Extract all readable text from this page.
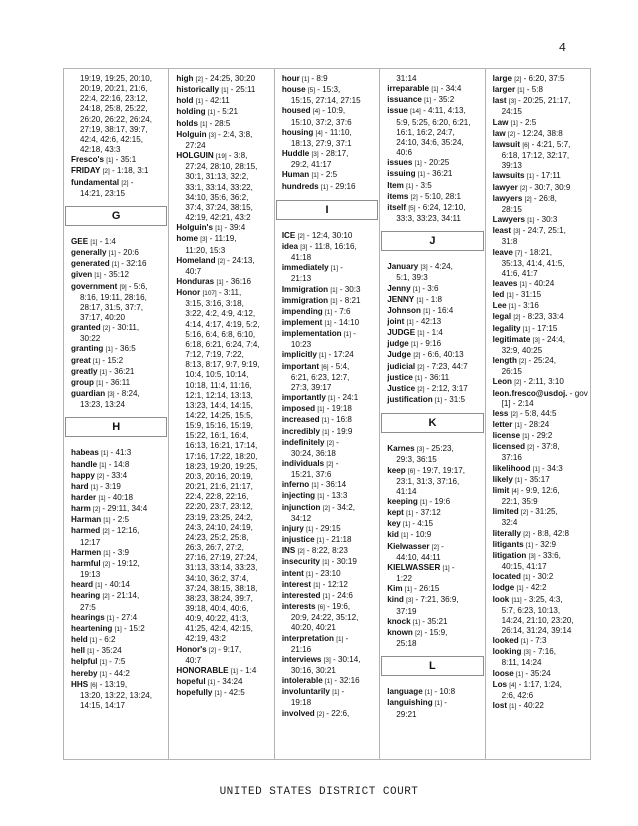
4
19:19, 19:25, 20:10,
20:19, 20:21, 21:6,
22:4, 22:16, 23:12,
24:18, 25:8, 25:22,
26:20, 26:22, 26:24,
27:19, 38:17, 39:7,
42:4, 42:6, 42:15,
42:18, 43:3
Fresco's [1] - 35:1
FRIDAY [2] - 1:18, 3:1
fundamental [2] -
14:21, 23:15
G
GEE [1] - 1:4
generally [1] - 20:6
generated [1] - 32:16
given [1] - 35:12
government [9] - 5:6,
8:16, 19:11, 28:16,
28:17, 31:5, 37:7,
37:17, 40:20
granted [2] - 30:11,
30:22
granting [1] - 36:5
great [1] - 15:2
greatly [1] - 36:21
group [1] - 36:11
guardian [3] - 8:24,
13:23, 13:24
H
habeas [1] - 41:3
handle [1] - 14:8
happy [2] - 33:4
hard [1] - 3:19
harder [1] - 40:18
harm [2] - 29:11, 34:4
Harman [1] - 2:5
harmed [2] - 12:16,
12:17
Harmen [1] - 3:9
harmful [2] - 19:12,
19:13
heard [1] - 40:14
hearing [2] - 21:14,
27:5
hearings [1] - 27:4
heartening [1] - 15:2
held [1] - 6:2
hell [1] - 35:24
helpful [1] - 7:5
hereby [1] - 44:2
HHS [6] - 13:19,
13:20, 13:22, 13:24,
14:15, 14:17
high [2] - 24:25, 30:20
historically [1] - 25:11
hold [1] - 42:11
holding [1] - 5:21
holds [1] - 28:5
Holguin [3] - 2:4, 3:8,
27:24
HOLGUIN [19] - 3:8,
27:24, 28:10, 28:15,
30:1, 31:13, 32:2,
33:1, 33:14, 33:22,
34:10, 35:6, 36:2,
37:4, 37:24, 38:15,
42:19, 42:21, 43:2
Holguin's [1] - 39:4
home [3] - 11:19,
11:20, 15:3
Homeland [2] - 24:13,
40:7
Honduras [1] - 36:16
Honor [107] - 3:11,
3:15, 3:16, 3:18,
3:22, 4:2, 4:9, 4:12,
4:14, 4:17, 4:19, 5:2,
5:16, 6:4, 6:8, 6:10,
6:18, 6:21, 6:24, 7:4,
7:12, 7:19, 7:22,
8:13, 8:17, 9:7, 9:19,
10:4, 10:5, 10:14,
10:18, 11:4, 11:16,
12:1, 12:14, 13:13,
13:23, 14:4, 14:15,
14:22, 14:25, 15:5,
15:9, 15:16, 15:19,
15:22, 16:1, 16:4,
16:13, 16:21, 17:14,
17:16, 17:22, 18:20,
18:23, 19:20, 19:25,
20:3, 20:16, 20:19,
20:21, 21:6, 21:17,
22:4, 22:8, 22:16,
22:20, 23:7, 23:12,
23:19, 23:25, 24:2,
24:3, 24:10, 24:19,
24:23, 25:2, 25:8,
26:3, 26:7, 27:2,
27:16, 27:19, 27:24,
31:13, 33:14, 33:23,
34:10, 36:2, 37:4,
37:24, 38:15, 38:18,
38:23, 38:24, 39:7,
39:18, 40:4, 40:6,
40:9, 40:22, 41:3,
41:25, 42:4, 42:15,
42:19, 43:2
Honor's [2] - 9:17,
40:7
HONORABLE [1] - 1:4
hopeful [1] - 34:24
hopefully [1] - 42:5
hour [1] - 8:9
house [5] - 15:3,
15:15, 27:14, 27:15
housed [4] - 10:9,
15:10, 37:2, 37:6
housing [4] - 11:10,
18:13, 27:9, 37:1
Huddle [3] - 28:17,
29:2, 41:17
Human [1] - 2:5
hundreds [1] - 29:16
I
ICE [2] - 12:4, 30:10
idea [3] - 11:8, 16:16,
41:18
immediately [1] -
21:13
Immigration [1] - 30:3
immigration [1] - 8:21
impending [1] - 7:6
implement [1] - 14:10
implementation [1] -
10:23
implicitly [1] - 17:24
important [6] - 5:4,
6:21, 6:23, 12:7,
27:3, 39:17
importantly [1] - 24:1
imposed [1] - 19:18
increased [1] - 16:8
incredibly [1] - 19:9
indefinitely [2] -
30:24, 36:18
individuals [2] -
15:21, 37:6
inferno [1] - 36:14
injecting [1] - 13:3
injunction [2] - 34:2,
34:12
injury [1] - 29:15
injustice [1] - 21:18
INS [2] - 8:22, 8:23
insecurity [1] - 30:19
intent [1] - 23:10
interest [1] - 12:12
interested [1] - 24:6
interests [6] - 19:6,
20:9, 24:22, 35:12,
40:20, 40:21
interpretation [1] -
21:16
interviews [3] - 30:14,
30:16, 30:21
intolerable [1] - 32:16
involuntarily [1] -
19:18
involved [2] - 22:6,
31:14
irreparable [1] - 34:4
issuance [1] - 35:2
issue [14] - 4:11, 4:13,
5:9, 5:25, 6:20, 6:21,
16:1, 16:2, 24:7,
24:10, 34:6, 35:24,
40:6
issues [1] - 20:25
issuing [1] - 36:21
Item [1] - 3:5
items [2] - 5:10, 28:1
itself [5] - 6:24, 12:10,
33:3, 33:23, 34:11
J
January [3] - 4:24,
5:1, 39:3
Jenny [1] - 3:6
JENNY [1] - 1:8
Johnson [1] - 16:4
joint [1] - 42:13
JUDGE [1] - 1:4
judge [1] - 9:16
Judge [2] - 6:6, 40:13
judicial [2] - 7:23, 44:7
justice [1] - 36:11
Justice [2] - 2:12, 3:17
justification [1] - 31:5
K
Karnes [3] - 25:23,
29:3, 36:15
keep [6] - 19:7, 19:17,
23:1, 31:3, 37:16,
41:14
keeping [1] - 19:6
kept [1] - 37:12
key [1] - 4:15
kid [1] - 10:9
Kielwasser [2] -
44:10, 44:11
KIELWASSER [1] -
1:22
Kim [1] - 26:15
kind [3] - 7:21, 36:9,
37:19
knock [1] - 35:21
known [2] - 15:9,
25:18
L
language [1] - 10:8
languishing [1] -
29:21
large [2] - 6:20, 37:5
larger [1] - 5:8
last [3] - 20:25, 21:17,
24:15
Law [1] - 2:5
law [2] - 12:24, 38:8
lawsuit [6] - 4:21, 5:7,
6:18, 17:12, 32:17,
39:13
lawsuits [1] - 17:11
lawyer [2] - 30:7, 30:9
lawyers [2] - 26:8,
28:15
Lawyers [1] - 30:3
least [3] - 24:7, 25:1,
31:8
leave [7] - 18:21,
35:13, 41:4, 41:5,
41:6, 41:7
leaves [1] - 40:24
led [1] - 31:15
Lee [1] - 3:16
legal [2] - 8:23, 33:4
legality [1] - 17:15
legitimate [3] - 24:4,
32:9, 40:25
length [2] - 25:24,
26:15
Leon [2] - 2:11, 3:10
leon.fresco@usdoj. - gov
[1] - 2:14
less [2] - 5:8, 44:5
letter [1] - 28:24
license [1] - 29:2
licensed [2] - 37:8,
37:16
likelihood [1] - 34:3
likely [1] - 35:17
limit [4] - 9:9, 12:6,
22:1, 35:9
limited [2] - 31:25,
32:4
literally [2] - 8:8, 42:8
litigants [1] - 32:9
litigation [3] - 33:6,
40:15, 41:17
located [1] - 30:2
lodge [1] - 42:2
look [11] - 3:25, 4:3,
5:7, 6:23, 10:13,
14:24, 21:10, 23:20,
26:14, 31:24, 39:14
looked [1] - 7:3
looking [3] - 7:16,
8:11, 14:24
loose [1] - 35:24
Los [4] - 1:17, 1:24,
2:6, 42:6
lost [1] - 40:22
UNITED STATES DISTRICT COURT
